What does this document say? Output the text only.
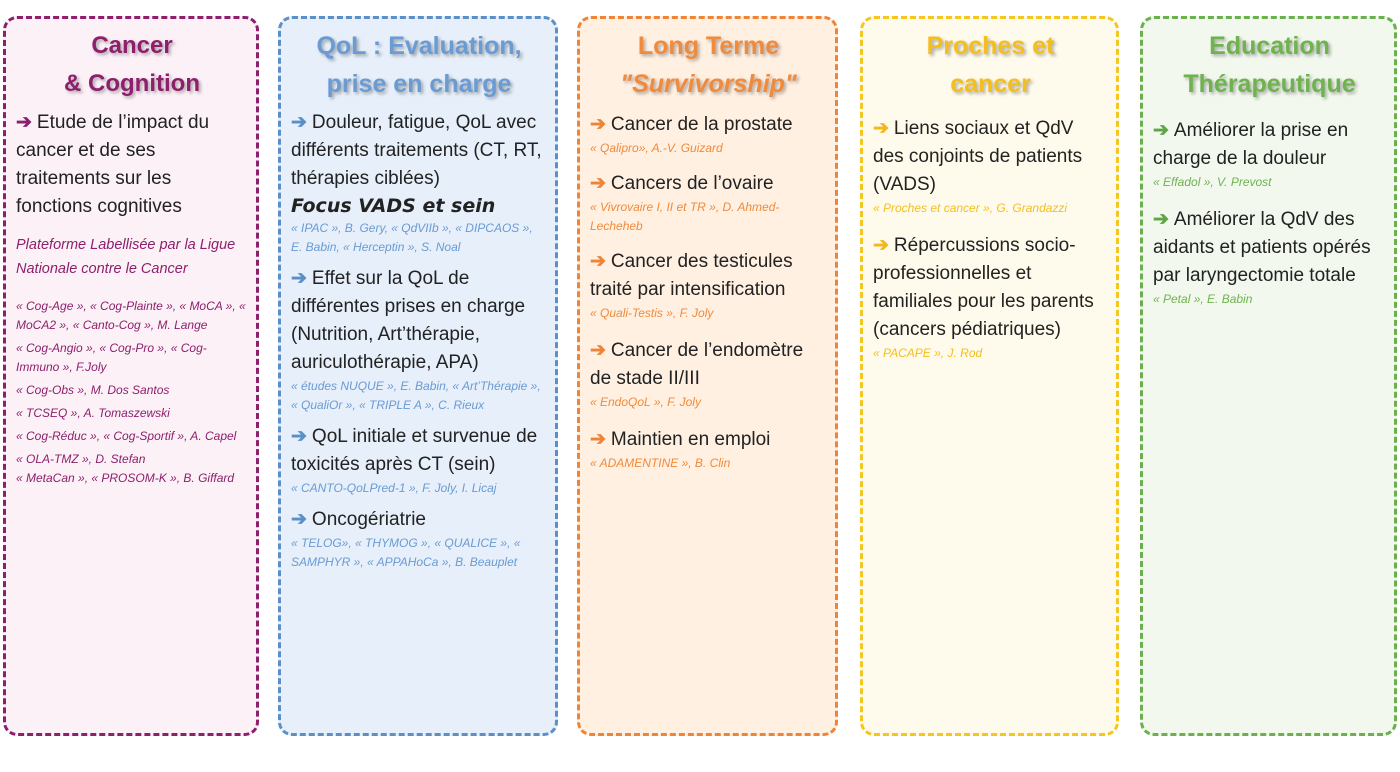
Cancer
& Cognition

➔ Etude de l’impact du cancer et de ses traitements sur les fonctions cognitives

Plateforme Labellisée par la Ligue Nationale contre le Cancer

« Cog-Age », « Cog-Plainte », « MoCA », « MoCA2 », « Canto-Cog », M. Lange

« Cog-Angio », « Cog-Pro », « Cog-Immuno », F.Joly

« Cog-Obs », M. Dos Santos

« TCSEQ », A. Tomaszewski

« Cog-Réduc », « Cog-Sportif », A. Capel

« OLA-TMZ », D. Stefan

« MetaCan », « PROSOM-K », B. Giffard

QoL : Evaluation,
prise en charge

➔ Douleur, fatigue, QoL avec différents traitements (CT, RT, thérapies ciblées)

Focus VADS et sein

« IPAC », B. Gery, « QdVIIb », « DIPCAOS », E. Babin, « Herceptin », S. Noal

➔ Effet sur la QoL de différentes prises en charge (Nutrition, Art’thérapie, auriculothérapie, APA)

« études NUQUE », E. Babin, « Art’Thérapie », « QualiOr », « TRIPLE A », C. Rieux

➔ QoL initiale et survenue de toxicités après CT (sein)

« CANTO-QoLPred-1 », F. Joly, I. Licaj

➔ Oncogériatrie

« TELOG», « THYMOG », « QUALICE », « SAMPHYR », « APPAHoCa », B. Beauplet

Long Terme
"Survivorship"

➔ Cancer de la prostate

« Qalipro», A.-V. Guizard

➔ Cancers de l’ovaire

« Vivrovaire I, II et TR », D. Ahmed-Lecheheb

➔ Cancer des testicules traité par intensification

« Quali-Testis », F. Joly

➔ Cancer de l’endomètre de stade II/III

« EndoQoL », F. Joly

➔ Maintien en emploi

« ADAMENTINE », B. Clin

Proches et
cancer

➔ Liens sociaux et QdV des conjoints de patients (VADS)

« Proches et cancer », G. Grandazzi

➔ Répercussions socio-professionnelles et familiales pour les parents (cancers pédiatriques)

« PACAPE », J. Rod

Education
Thérapeutique

➔ Améliorer la prise en charge de la douleur

« Effadol », V. Prevost

➔ Améliorer la QdV des aidants et patients opérés par laryngectomie totale

« Petal », E. Babin
